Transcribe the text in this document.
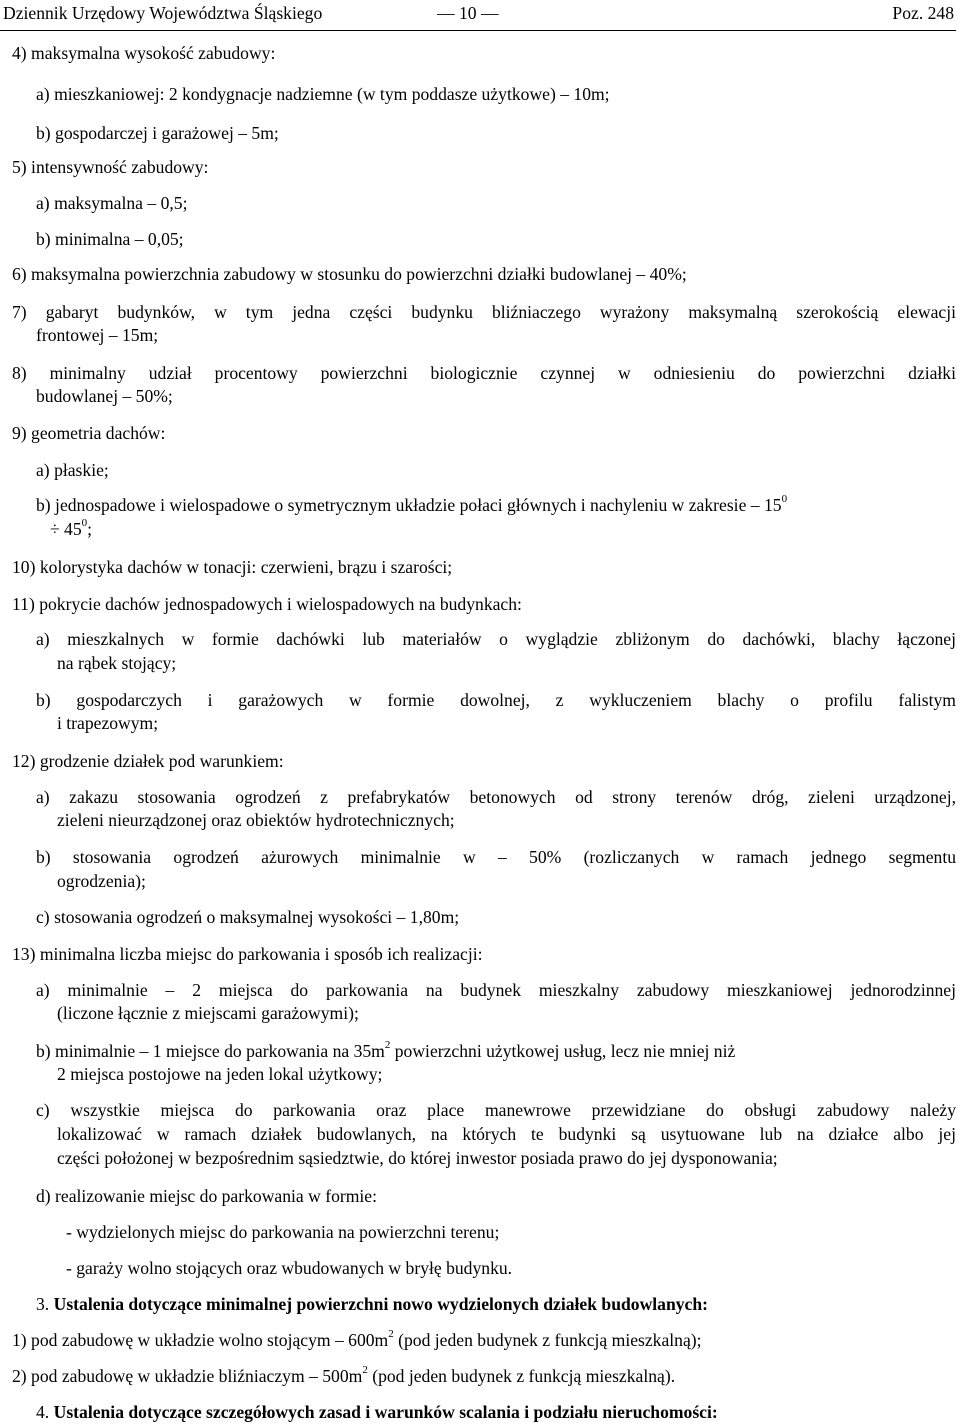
Dziennik Urzędowy Województwa Śląskiego	— 10 —	Poz. 248
4) maksymalna wysokość zabudowy:
a) mieszkaniowej: 2 kondygnacje nadziemne (w tym poddasze użytkowe) – 10m;
b) gospodarczej i garażowej – 5m;
5) intensywność zabudowy:
a) maksymalna – 0,5;
b) minimalna – 0,05;
6) maksymalna powierzchnia zabudowy w stosunku do powierzchni działki budowlanej – 40%;
7) gabaryt budynków, w tym jedna części budynku bliźniaczego wyrażony maksymalną szerokością elewacji
frontowej – 15m;
8) minimalny udział procentowy powierzchni biologicznie czynnej w odniesieniu do powierzchni działki
budowlanej – 50%;
9) geometria dachów:
a) płaskie;
b) jednospadowe i wielospadowe o symetrycznym układzie połaci głównych i nachyleniu w zakresie – $15^0$
÷ $45^0$;
10) kolorystyka dachów w tonacji: czerwieni, brązu i szarości;
11) pokrycie dachów jednospadowych i wielospadowych na budynkach:
a) mieszkalnych w formie dachówki lub materiałów o wyglądzie zbliżonym do dachówki, blachy łączonej
na rąbek stojący;
b) gospodarczych i garażowych w formie dowolnej, z wykluczeniem blachy o profilu falistym
i trapezowym;
12) grodzenie działek pod warunkiem:
a) zakazu stosowania ogrodzeń z prefabrykatów betonowych od strony terenów dróg, zieleni urządzonej,
zieleni nieurządzonej oraz obiektów hydrotechnicznych;
b) stosowania ogrodzeń ażurowych minimalnie w – 50% (rozliczanych w ramach jednego segmentu
ogrodzenia);
c) stosowania ogrodzeń o maksymalnej wysokości – 1,80m;
13) minimalna liczba miejsc do parkowania i sposób ich realizacji:
a) minimalnie – 2 miejsca do parkowania na budynek mieszkalny zabudowy mieszkaniowej jednorodzinnej
(liczone łącznie z miejscami garażowymi);
b) minimalnie – 1 miejsce do parkowania na $35m^2$ powierzchni użytkowej usług, lecz nie mniej niż
2 miejsca postojowe na jeden lokal użytkowy;
c) wszystkie miejsca do parkowania oraz place manewrowe przewidziane do obsługi zabudowy należy
lokalizować w ramach działek budowlanych, na których te budynki są usytuowane lub na działce albo jej
części położonej w bezpośrednim sąsiedztwie, do której inwestor posiada prawo do jej dysponowania;
d) realizowanie miejsc do parkowania w formie:
- wydzielonych miejsc do parkowania na powierzchni terenu;
- garaży wolno stojących oraz wbudowanych w bryłę budynku.
3. Ustalenia dotyczące minimalnej powierzchni nowo wydzielonych działek budowlanych:
1) pod zabudowę w układzie wolno stojącym – $600m^2$ (pod jeden budynek z funkcją mieszkalną);
2) pod zabudowę w układzie bliźniaczym – $500m^2$ (pod jeden budynek z funkcją mieszkalną).
4. Ustalenia dotyczące szczegółowych zasad i warunków scalania i podziału nieruchomości:
